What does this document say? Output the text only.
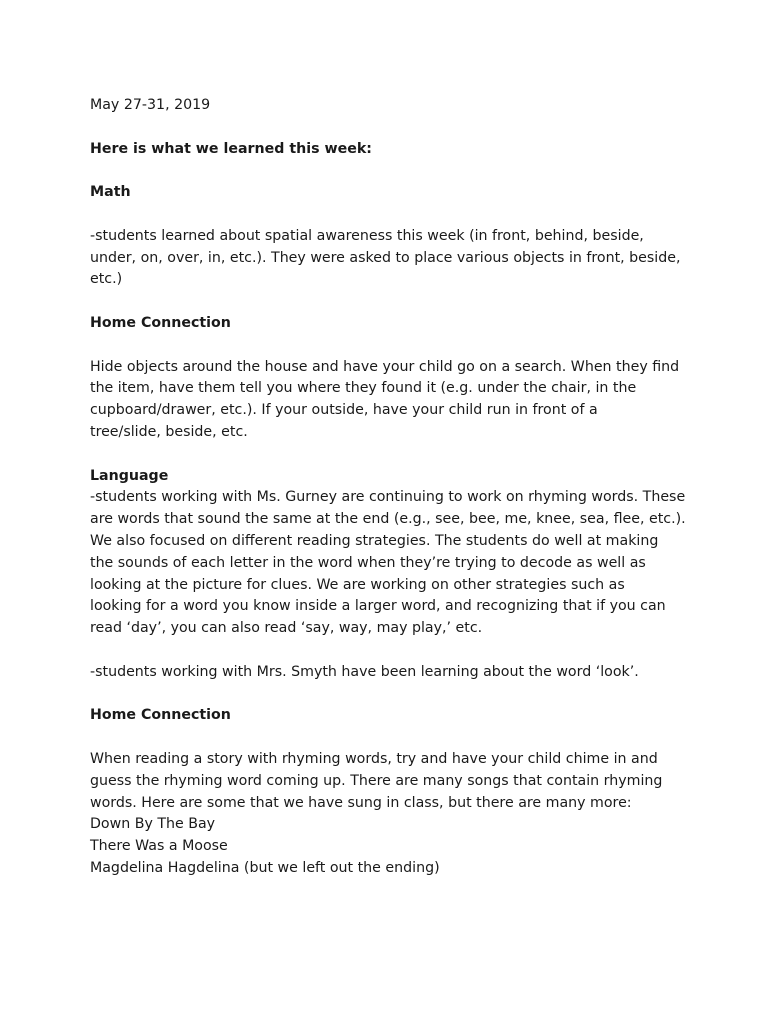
May 27-31, 2019

Here is what we learned this week:

Math

-students learned about spatial awareness this week (in front, behind, beside,
under, on, over, in, etc.). They were asked to place various objects in front, beside,
etc.)

Home Connection

Hide objects around the house and have your child go on a search. When they find
the item, have them tell you where they found it (e.g. under the chair, in the
cupboard/drawer, etc.). If your outside, have your child run in front of a
tree/slide, beside, etc.

Language

-students working with Ms. Gurney are continuing to work on rhyming words. These
are words that sound the same at the end (e.g., see, bee, me, knee, sea, flee, etc.).
We also focused on different reading strategies. The students do well at making
the sounds of each letter in the word when they’re trying to decode as well as
looking at the picture for clues. We are working on other strategies such as
looking for a word you know inside a larger word, and recognizing that if you can
read ‘day’, you can also read ‘say, way, may play,’ etc.

-students working with Mrs. Smyth have been learning about the word ‘look’.

Home Connection

When reading a story with rhyming words, try and have your child chime in and
guess the rhyming word coming up. There are many songs that contain rhyming
words. Here are some that we have sung in class, but there are many more:

Down By The Bay

There Was a Moose

Magdelina Hagdelina (but we left out the ending)
